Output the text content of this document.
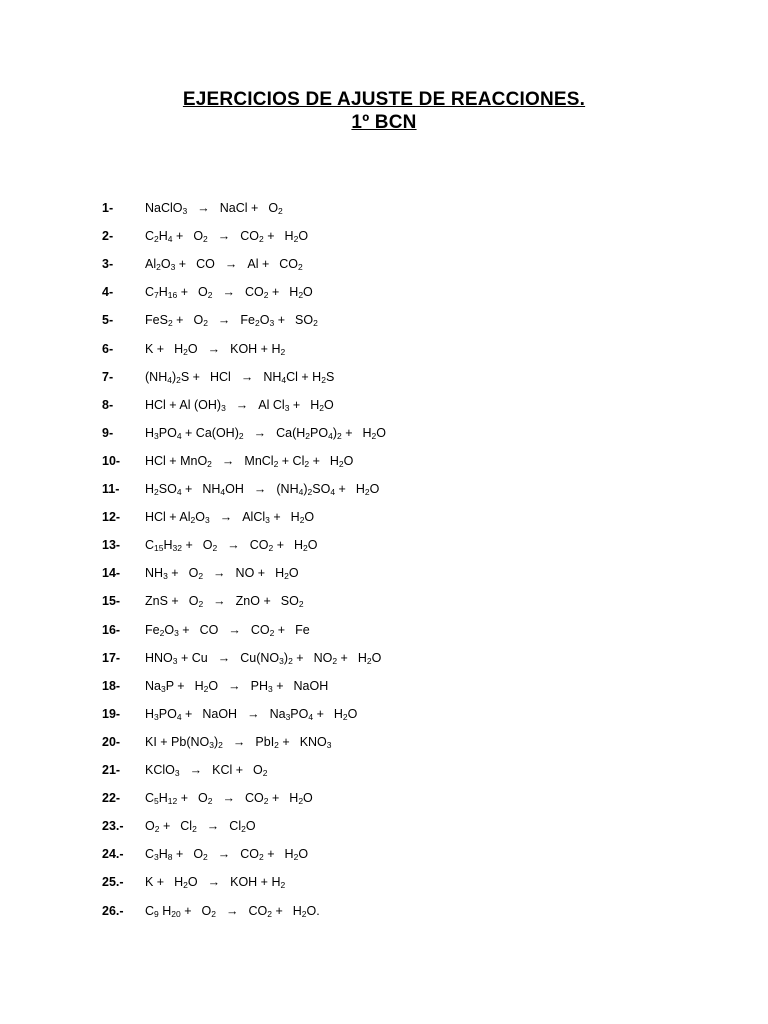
EJERCICIOS DE AJUSTE DE REACCIONES.
1º BCN
1-	NaClO$_3$ → NaCl + $O_2$
2-	$C_2H_4 + O_2 \to CO_2 + H_2O$
3-	$Al_2O_3$ + CO → $Al + CO_2$
4-	$C_7H_{16} + O_2 \to CO_2 + H_2O$
5-	$FeS_2 + O_2 \to Fe_2O_3 + SO_2$
6-	$K + H_2O$ → KOH + $H_2$
7-	$(NH_4)_2S$ + HCl → $NH_4Cl + H_2S$
8-	HCl + Al $(OH)_3 \to Al$ $Cl_3 + H_2O$
9-	$H_3PO_4 + Ca(OH)_2 \to Ca(H_2PO_4)_2 + H_2O$
10- HCl + MnO$_2$ → MnCl$_2$ + $Cl_2 + H_2O$
11- $H_2SO_4 + NH_4OH \to (NH_4)_2SO_4 + H_2O$
12- HCl + $Al_2O_3$ → AlCl$_3$ + $H_2O$
13- $C_{15}H_{32} + O_2 \to CO_2 + H_2O$
14- $NH_3 + O_2$ → NO + $H_2O$
15- ZnS + $O_2$ → ZnO + $SO_2$
16- $Fe_2O_3$ + CO → $CO_2 + Fe$
17- $HNO_3 + Cu \to Cu(NO_3)_2 + NO_2 + H_2O$
18- $Na_3P + H_2O \to PH_3$ + NaOH
19- $H_3PO_4$ + NaOH → $Na_3PO_4 + H_2O$
20- KI + $Pb(NO_3)_2 \to PbI_2 + KNO_3$
21- KClO$_3$ → KCl + $O_2$
22- $C_5H_{12} + O_2 \to CO_2 + H_2O$
23.- $O_2 + Cl_2 \to Cl_2O$
24.- $C_3H_8 + O_2 \to CO_2 + H_2O$
25.- $K + H_2O$ → KOH + $H_2$
26.- $C_9$ $H_{20} + O_2 \to CO_2 + H_2O$.
